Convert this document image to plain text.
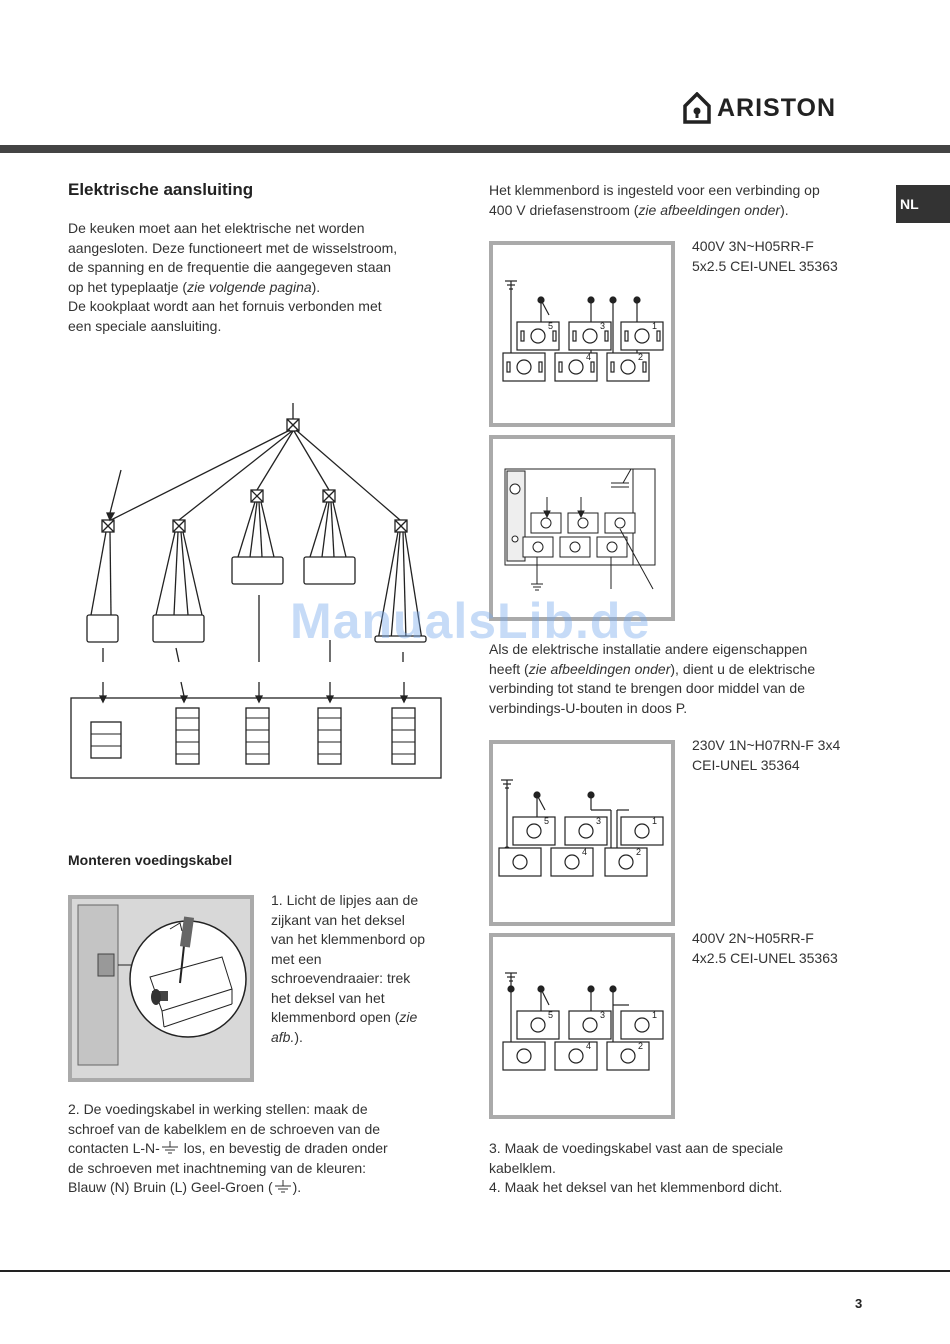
ARISTON
NL
Elektrische aansluiting
De keuken moet aan het elektrische net worden
aangesloten. Deze functioneert met de wisselstroom,
de spanning en de frequentie die aangegeven staan
op het typeplaatje (zie volgende pagina).
De kookplaat wordt aan het fornuis verbonden met
een speciale aansluiting.
Monteren voedingskabel
1. Licht de lipjes aan de
zijkant van het deksel
van het klemmenbord op
met een
schroevendraaier: trek
het deksel van het
klemmenbord open (zie
afb.).
2. De voedingskabel in werking stellen: maak de
schroef van de kabelklem en de schroeven van de
contacten L-N- los, en bevestig de draden onder
de schroeven met inachtneming van de kleuren:
Blauw (N) Bruin (L) Geel-Groen ( ).
Het klemmenbord is ingesteld voor een verbinding op
400 V driefasenstroom (zie afbeeldingen onder).
5	3	1
4	2
400V 3N~H05RR-F
5x2.5 CEI-UNEL 35363
Als de elektrische installatie andere eigenschappen
heeft (zie afbeeldingen onder), dient u de elektrische
verbinding tot stand te brengen door middel van de
verbindings-U-bouten in doos P.
5	3	1
4	2
230V 1N~H07RN-F 3x4
CEI-UNEL 35364
5	3	1
4	2
400V 2N~H05RR-F
4x2.5 CEI-UNEL 35363
3. Maak de voedingskabel vast aan de speciale
kabelklem.
4. Maak het deksel van het klemmenbord dicht.
ManualsLib.de
3
